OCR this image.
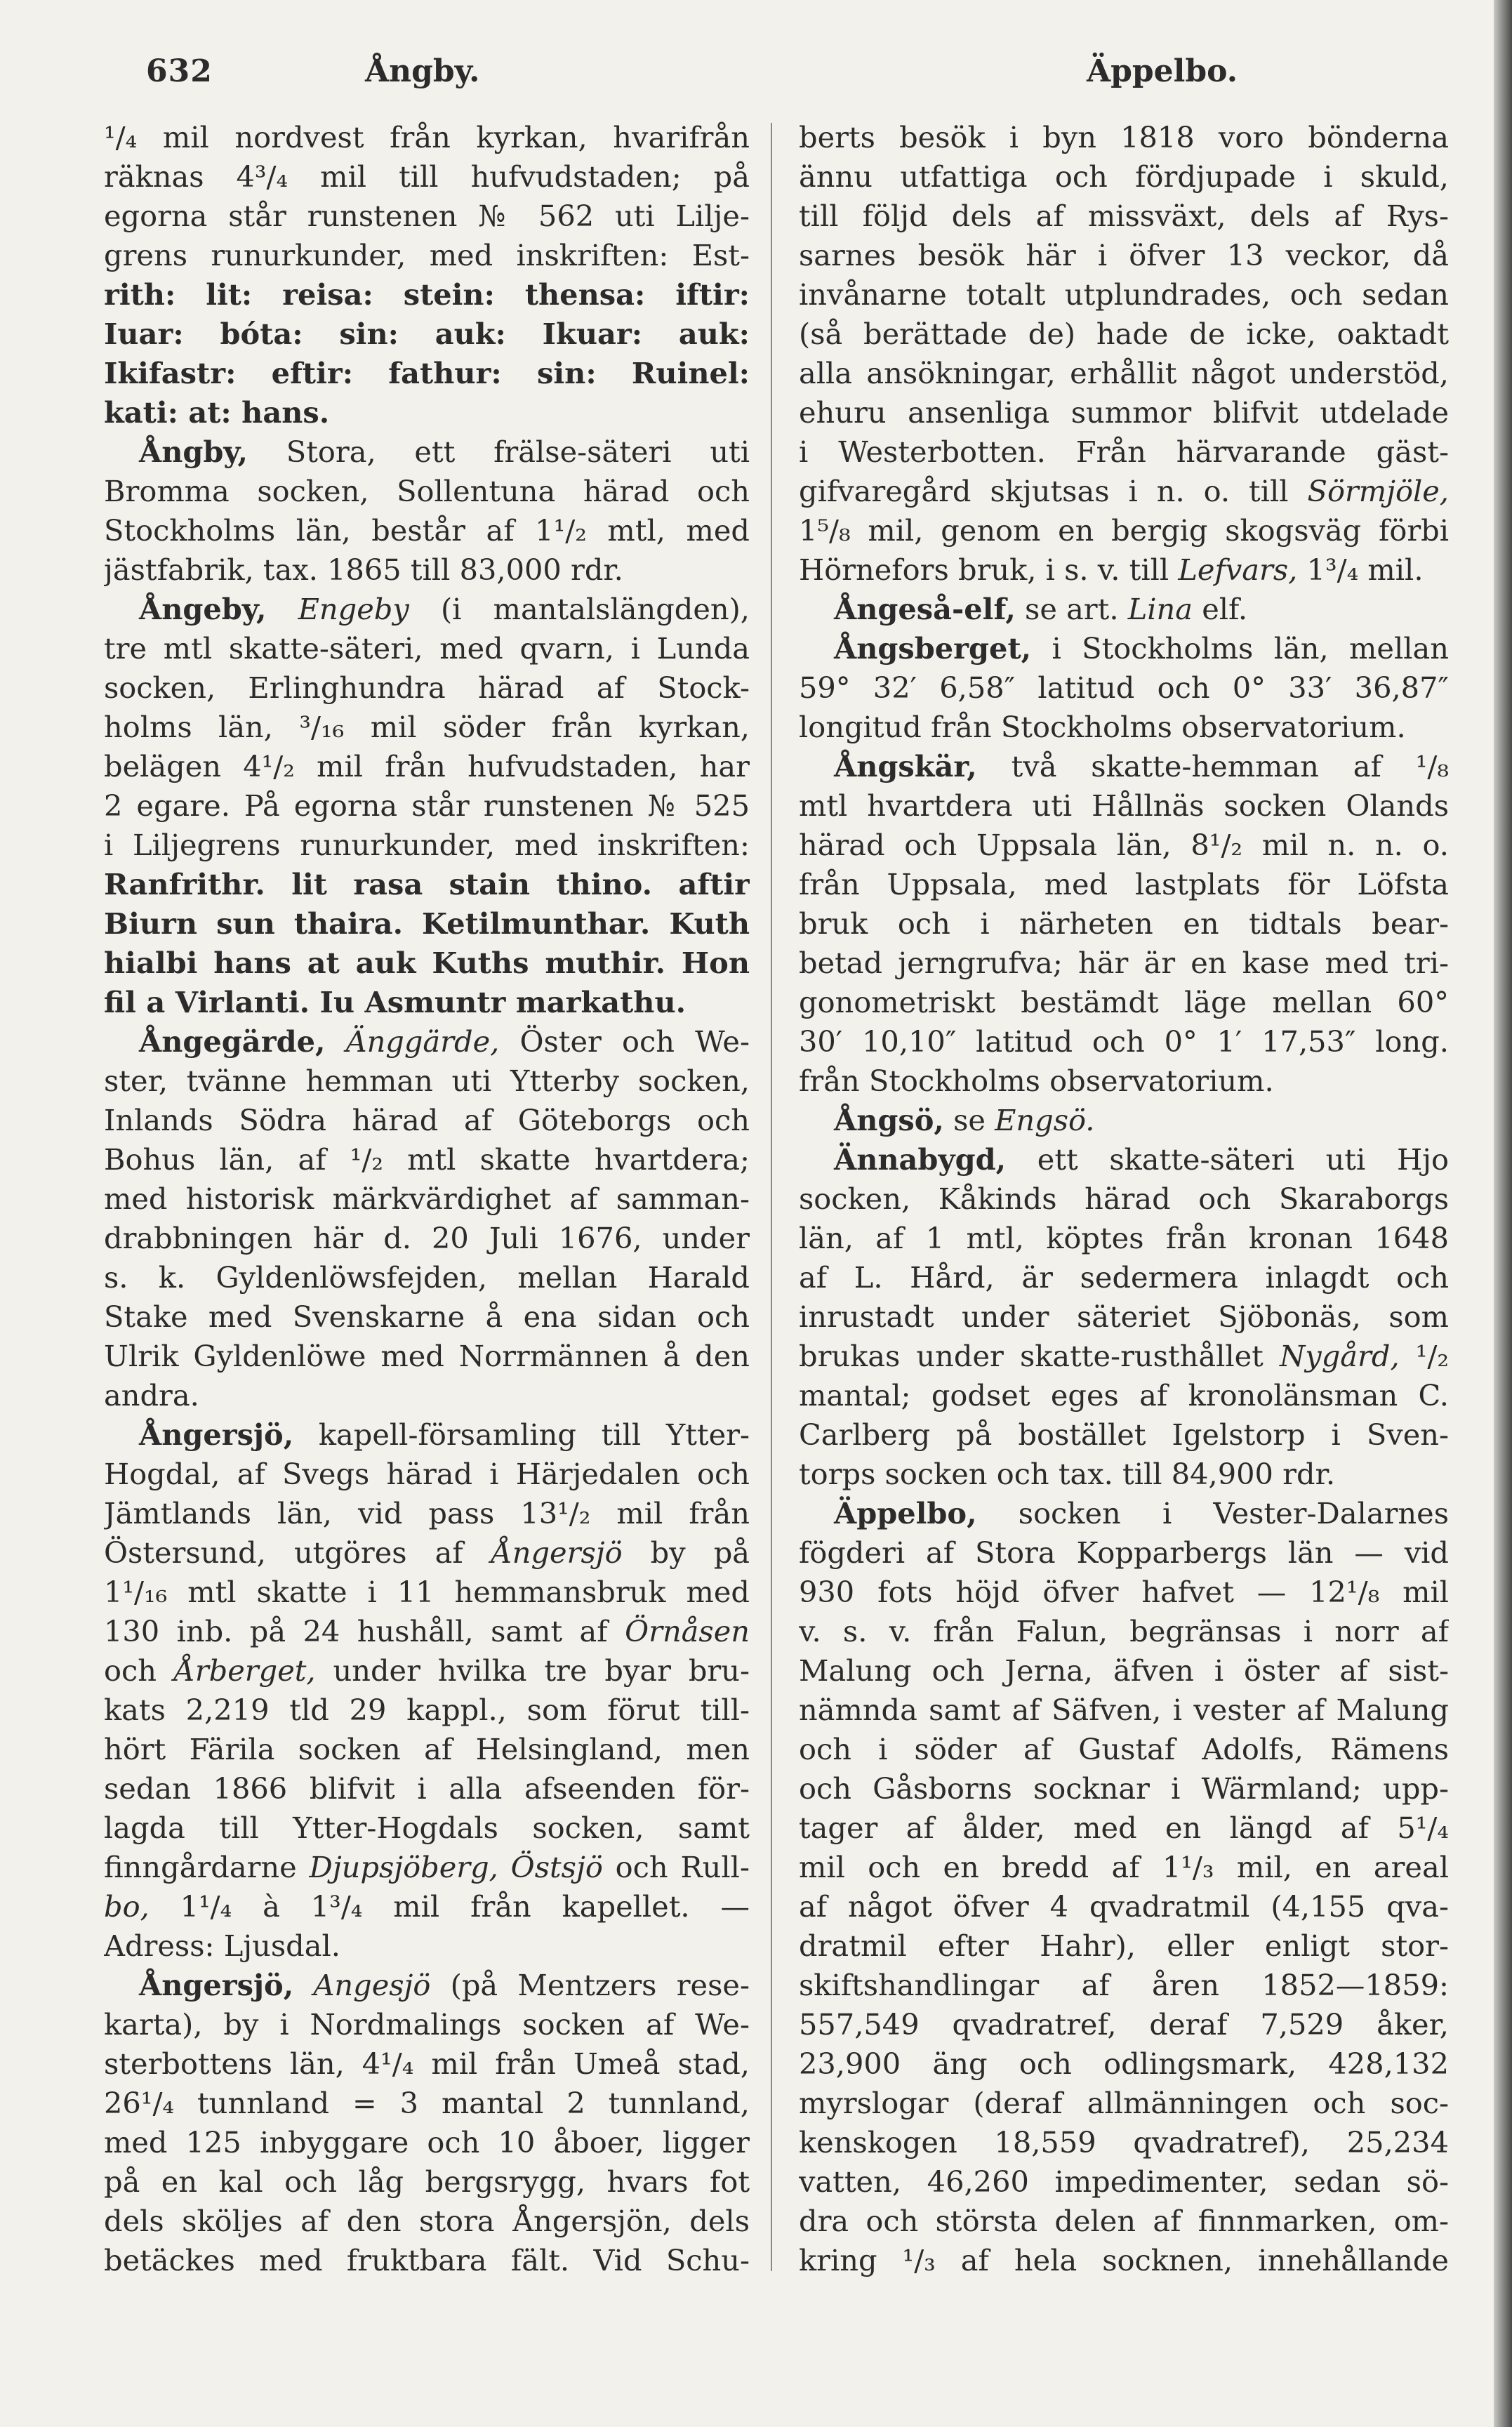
632	Ångby.	Äppelbo.
¹/₄ mil nordvest från kyrkan, hvarifrån
räknas 4³/₄ mil till hufvudstaden; på
egorna står runstenen № 562 uti Lilje-
grens runurkunder, med inskriften: Est-
rith: lit: reisa: stein: thensa: iftir:
Iuar: bóta: sin: auk: Ikuar: auk:
Ikifastr: eftir: fathur: sin: Ruinel:
kati: at: hans.
Ångby, Stora, ett frälse-säteri uti
Bromma socken, Sollentuna härad och
Stockholms län, består af 1¹/₂ mtl, med
jästfabrik, tax. 1865 till 83,000 rdr.
Ångeby, Engeby (i mantalslängden),
tre mtl skatte-säteri, med qvarn, i Lunda
socken, Erlinghundra härad af Stock-
holms län, ³/₁₆ mil söder från kyrkan,
belägen 4¹/₂ mil från hufvudstaden, har
2 egare. På egorna står runstenen № 525
i Liljegrens runurkunder, med inskriften:
Ranfrithr. lit rasa stain thino. aftir
Biurn sun thaira. Ketilmunthar. Kuth
hialbi hans at auk Kuths muthir. Hon
fil a Virlanti. Iu Asmuntr markathu.
Ångegärde, Änggärde, Öster och We-
ster, tvänne hemman uti Ytterby socken,
Inlands Södra härad af Göteborgs och
Bohus län, af ¹/₂ mtl skatte hvartdera;
med historisk märkvärdighet af samman-
drabbningen här d. 20 Juli 1676, under
s. k. Gyldenlöwsfejden, mellan Harald
Stake med Svenskarne å ena sidan och
Ulrik Gyldenlöwe med Norrmännen å den
andra.
Ångersjö, kapell-församling till Ytter-
Hogdal, af Svegs härad i Härjedalen och
Jämtlands län, vid pass 13¹/₂ mil från
Östersund, utgöres af Ångersjö by på
1¹/₁₆ mtl skatte i 11 hemmansbruk med
130 inb. på 24 hushåll, samt af Örnåsen
och Årberget, under hvilka tre byar bru-
kats 2,219 tld 29 kappl., som förut till-
hört Färila socken af Helsingland, men
sedan 1866 blifvit i alla afseenden för-
lagda till Ytter-Hogdals socken, samt
finngårdarne Djupsjöberg, Östsjö och Rull-
bo, 1¹/₄ à 1³/₄ mil från kapellet. —
Adress: Ljusdal.
Ångersjö, Angesjö (på Mentzers rese-
karta), by i Nordmalings socken af We-
sterbottens län, 4¹/₄ mil från Umeå stad,
26¹/₄ tunnland = 3 mantal 2 tunnland,
med 125 inbyggare och 10 åboer, ligger
på en kal och låg bergsrygg, hvars fot
dels sköljes af den stora Ångersjön, dels
betäckes med fruktbara fält. Vid Schu-
berts besök i byn 1818 voro bönderna
ännu utfattiga och fördjupade i skuld,
till följd dels af missväxt, dels af Rys-
sarnes besök här i öfver 13 veckor, då
invånarne totalt utplundrades, och sedan
(så berättade de) hade de icke, oaktadt
alla ansökningar, erhållit något understöd,
ehuru ansenliga summor blifvit utdelade
i Westerbotten. Från härvarande gäst-
gifvaregård skjutsas i n. o. till Sörmjöle,
1⁵/₈ mil, genom en bergig skogsväg förbi
Hörnefors bruk, i s. v. till Lefvars, 1³/₄ mil.
Ångeså-elf, se art. Lina elf.
Ångsberget, i Stockholms län, mellan
59° 32′ 6,58″ latitud och 0° 33′ 36,87″
longitud från Stockholms observatorium.
Ångskär, två skatte-hemman af ¹/₈
mtl hvartdera uti Hållnäs socken Olands
härad och Uppsala län, 8¹/₂ mil n. n. o.
från Uppsala, med lastplats för Löfsta
bruk och i närheten en tidtals bear-
betad jerngrufva; här är en kase med tri-
gonometriskt bestämdt läge mellan 60°
30′ 10,10″ latitud och 0° 1′ 17,53″ long.
från Stockholms observatorium.
Ångsö, se Engsö.
Ännabygd, ett skatte-säteri uti Hjo
socken, Kåkinds härad och Skaraborgs
län, af 1 mtl, köptes från kronan 1648
af L. Hård, är sedermera inlagdt och
inrustadt under säteriet Sjöbonäs, som
brukas under skatte-rusthållet Nygård, ¹/₂
mantal; godset eges af kronolänsman C.
Carlberg på bostället Igelstorp i Sven-
torps socken och tax. till 84,900 rdr.
Äppelbo, socken i Vester-Dalarnes
fögderi af Stora Kopparbergs län — vid
930 fots höjd öfver hafvet — 12¹/₈ mil
v. s. v. från Falun, begränsas i norr af
Malung och Jerna, äfven i öster af sist-
nämnda samt af Säfven, i vester af Malung
och i söder af Gustaf Adolfs, Rämens
och Gåsborns socknar i Wärmland; upp-
tager af ålder, med en längd af 5¹/₄
mil och en bredd af 1¹/₃ mil, en areal
af något öfver 4 qvadratmil (4,155 qva-
dratmil efter Hahr), eller enligt stor-
skiftshandlingar af åren 1852—1859:
557,549 qvadratref, deraf 7,529 åker,
23,900 äng och odlingsmark, 428,132
myrslogar (deraf allmänningen och soc-
kenskogen 18,559 qvadratref), 25,234
vatten, 46,260 impedimenter, sedan sö-
dra och största delen af finnmarken, om-
kring ¹/₃ af hela socknen, innehållande
